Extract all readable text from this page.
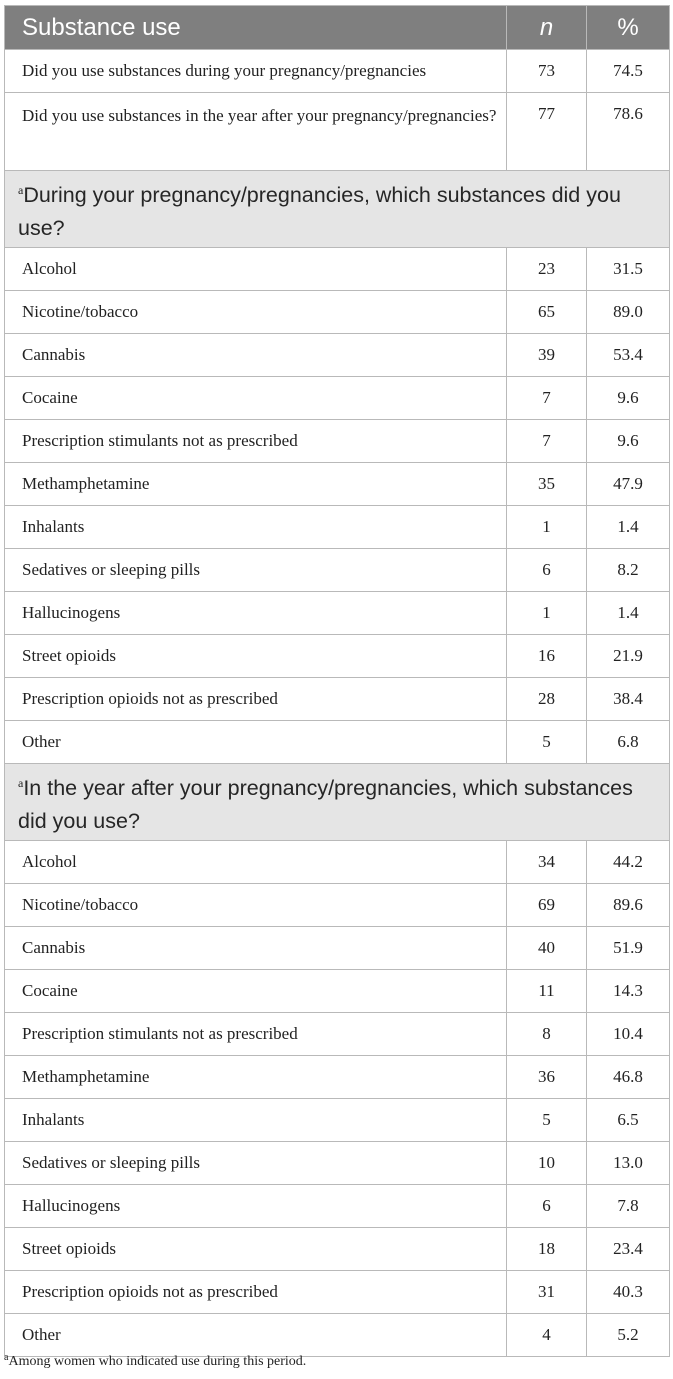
Substance use	n	%
Did you use substances during your pregnancy/pregnancies	73	74.5
Did you use substances in the year after your pregnancy/pregnancies?	77	78.6
$^a$During your pregnancy/pregnancies, which substances did you use?		
Alcohol	23	31.5
Nicotine/tobacco	65	89.0
Cannabis	39	53.4
Cocaine	7	9.6
Prescription stimulants not as prescribed	7	9.6
Methamphetamine	35	47.9
Inhalants	1	1.4
Sedatives or sleeping pills	6	8.2
Hallucinogens	1	1.4
Street opioids	16	21.9
Prescription opioids not as prescribed	28	38.4
Other	5	6.8
$^a$In the year after your pregnancy/pregnancies, which substances did you use?		
Alcohol	34	44.2
Nicotine/tobacco	69	89.6
Cannabis	40	51.9
Cocaine	11	14.3
Prescription stimulants not as prescribed	8	10.4
Methamphetamine	36	46.8
Inhalants	5	6.5
Sedatives or sleeping pills	10	13.0
Hallucinogens	6	7.8
Street opioids	18	23.4
Prescription opioids not as prescribed	31	40.3
Other	4	5.2
$^a$Among women who indicated use during this period.
